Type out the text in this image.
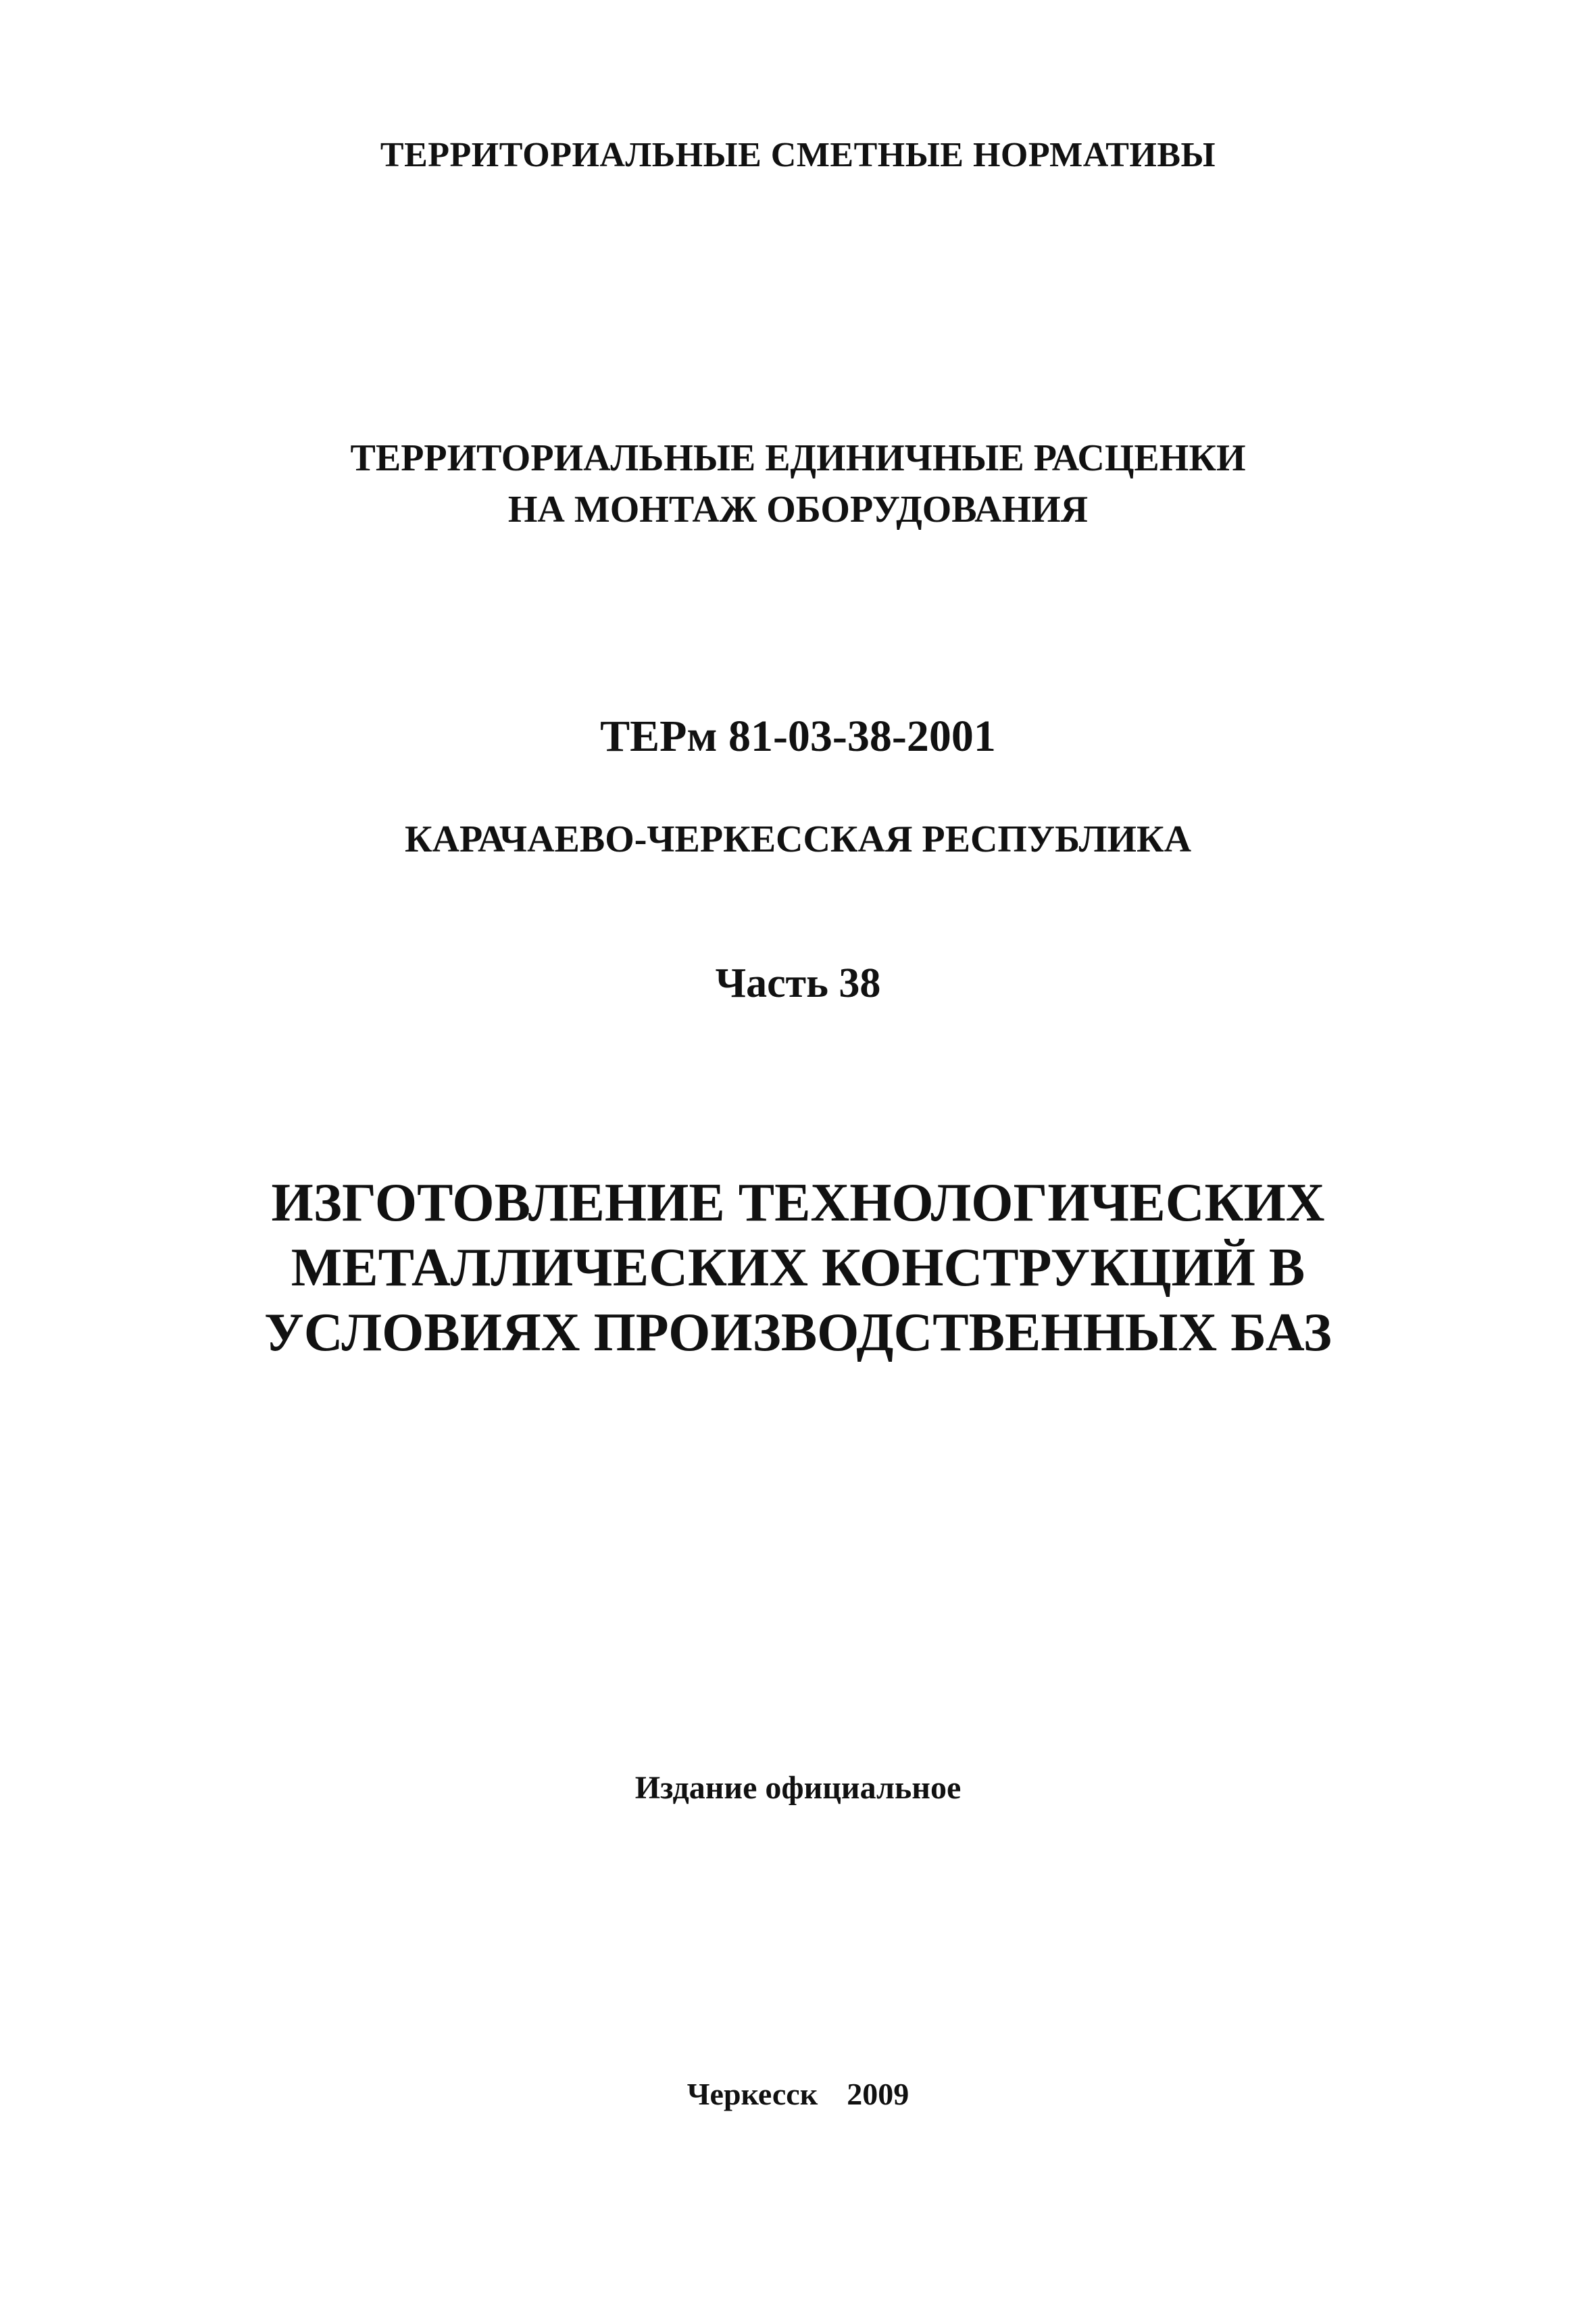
ТЕРРИТОРИАЛЬНЫЕ СМЕТНЫЕ НОРМАТИВЫ
ТЕРРИТОРИАЛЬНЫЕ ЕДИНИЧНЫЕ РАСЦЕНКИ
НА МОНТАЖ ОБОРУДОВАНИЯ
ТЕРм 81-03-38-2001
КАРАЧАЕВО-ЧЕРКЕССКАЯ РЕСПУБЛИКА
Часть 38
ИЗГОТОВЛЕНИЕ ТЕХНОЛОГИЧЕСКИХ
МЕТАЛЛИЧЕСКИХ КОНСТРУКЦИЙ В
УСЛОВИЯХ ПРОИЗВОДСТВЕННЫХ БАЗ
Издание официальное
Черкесск  2009
